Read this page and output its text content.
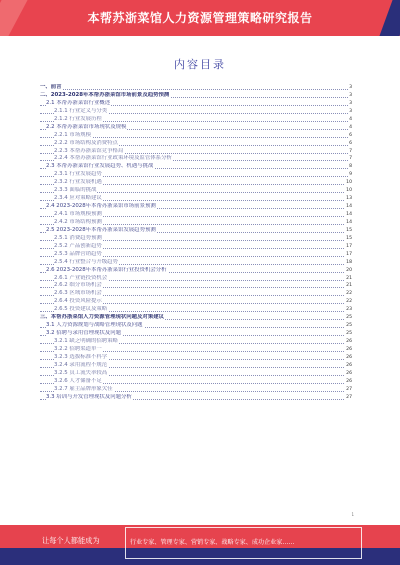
本帮苏浙菜馆人力资源管理策略研究报告
内容目录
一、前言	3
二、2023-2028年本帮苏浙菜馆市场前景及趋势预测	3
2.1 本帮苏浙菜馆行业概述	3
2.1.1 行业定义与分类	3
2.1.2 行业发展历程	4
2.2 本帮苏浙菜馆市场现状及规模	4
2.2.1 市场规模	6
2.2.2 市场结构及消费特点	6
2.2.3 本帮苏浙菜馆竞争格局	7
2.2.4 本帮苏浙菜馆行业政策环境及监管体系分析	7
2.3 本帮苏浙菜馆行业发展趋势、机遇与挑战	8
2.3.1 行业发展趋势	9
2.3.2 行业发展机遇	10
2.3.3 面临的挑战	10
2.3.4 应对策略建议	13
2.4 2023-2028年本帮苏浙菜馆市场前景预测	14
2.4.1 市场规模预测	14
2.4.2 市场结构预测	14
2.5 2023-2028年本帮苏浙菜馆发展趋势预测	15
2.5.1 消费趋势预测	15
2.5.2 产品创新趋势	17
2.5.3 品牌营销趋势	17
2.5.4 行业整合与升级趋势	18
2.6 2023-2028年本帮苏浙菜馆行业投资机会分析	20
2.6.1 产业链投资机会	21
2.6.2 细分市场机会	21
2.6.3 区域市场机会	22
2.6.4 投资风险提示	22
2.6.5 投资建议及策略	23
三、本帮苏浙菜馆人力资源管理现状问题及对策建议	25
3.1 人力资源规划与战略管理现状及问题	25
3.2 招聘与录用管理现状及问题	25
3.2.1 缺乏明确的招聘策略	26
3.2.2 招聘渠道单一	26
3.2.3 选拔标准不科学	26
3.2.4 录用流程不规范	26
3.2.5 员工流失率较高	26
3.2.6 人才储备不足	26
3.2.7 雇主品牌形象欠佳	27
3.3 培训与开发管理现状及问题分析	27
1
让每个人都能成为	行业专家、管理专家、营销专家、战略专家、成功企业家……
